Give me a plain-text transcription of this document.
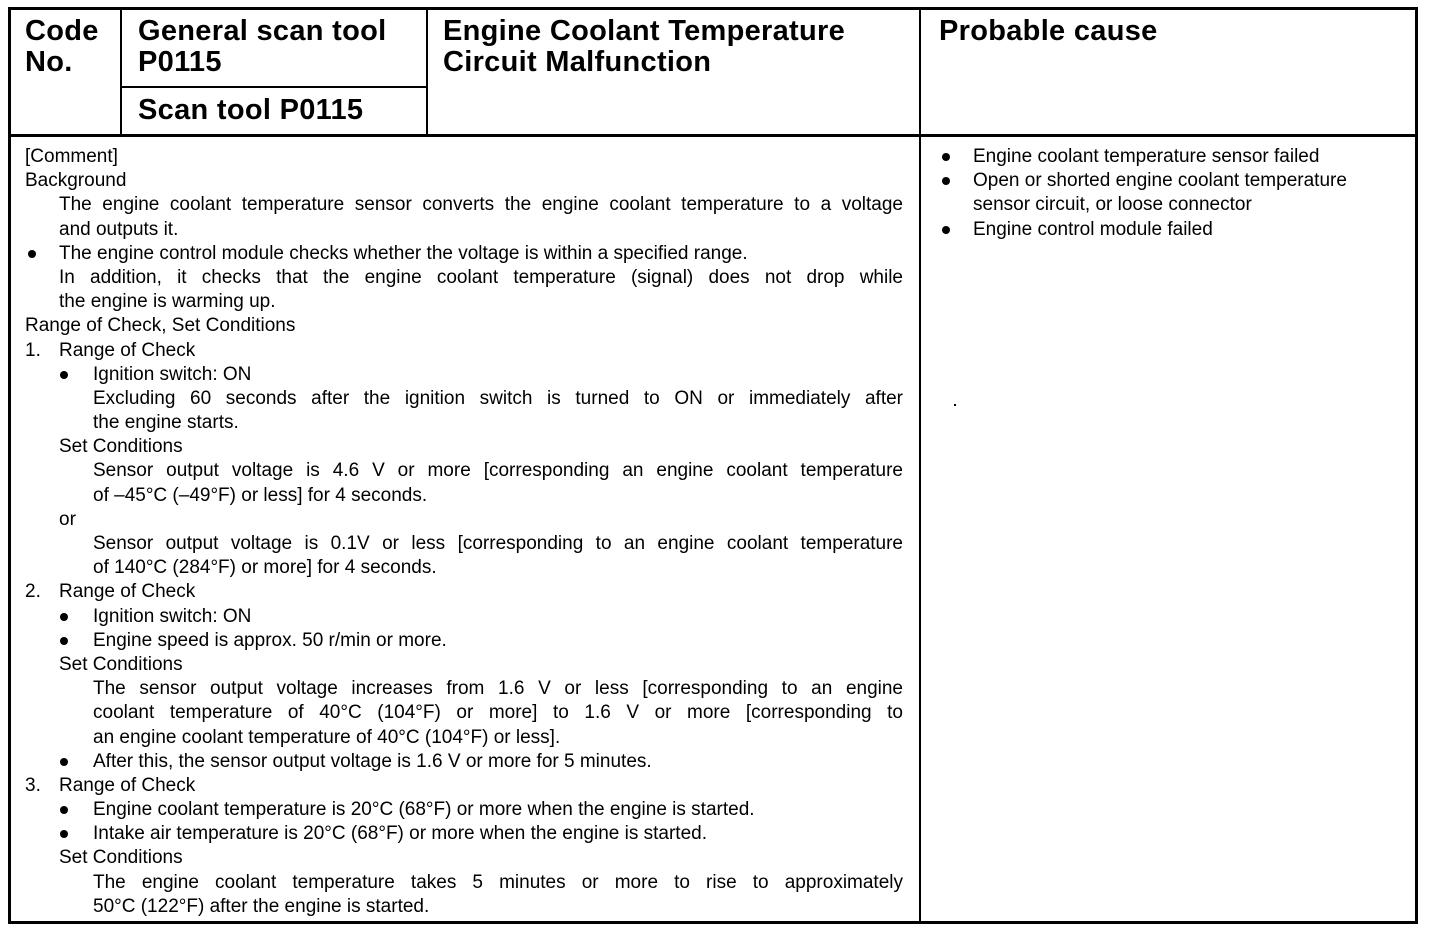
Code No.
General scan tool P0115
Scan tool P0115
Engine Coolant Temperature Circuit Malfunction
Probable cause
[Comment]
Background
The engine coolant temperature sensor converts the engine coolant temperature to a voltage
and outputs it.
The engine control module checks whether the voltage is within a specified range.
In addition, it checks that the engine coolant temperature (signal) does not drop while
the engine is warming up.
Range of Check, Set Conditions
1. Range of Check
Ignition switch: ON
Excluding 60 seconds after the ignition switch is turned to ON or immediately after
the engine starts.
Set Conditions
Sensor output voltage is 4.6 V or more [corresponding an engine coolant temperature
of –45°C (–49°F) or less] for 4 seconds.
or
Sensor output voltage is 0.1V or less [corresponding to an engine coolant temperature
of 140°C (284°F) or more] for 4 seconds.
2. Range of Check
Ignition switch: ON
Engine speed is approx. 50 r/min or more.
Set Conditions
The sensor output voltage increases from 1.6 V or less [corresponding to an engine
coolant temperature of 40°C (104°F) or more] to 1.6 V or more [corresponding to
an engine coolant temperature of 40°C (104°F) or less].
After this, the sensor output voltage is 1.6 V or more for 5 minutes.
3. Range of Check
Engine coolant temperature is 20°C (68°F) or more when the engine is started.
Intake air temperature is 20°C (68°F) or more when the engine is started.
Set Conditions
The engine coolant temperature takes 5 minutes or more to rise to approximately
50°C (122°F) after the engine is started.
Engine coolant temperature sensor failed
Open or shorted engine coolant temperature
sensor circuit, or loose connector
Engine control module failed
